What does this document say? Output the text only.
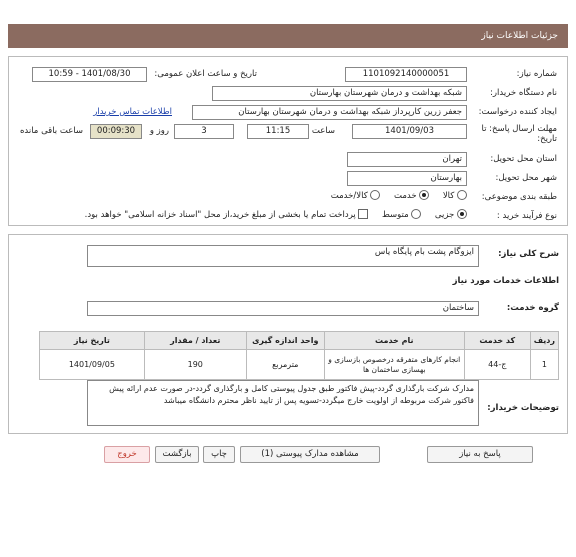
جزئیات اطلاعات نیاز
شماره نیاز:
1101092140000051
تاریخ و ساعت اعلان عمومی:
1401/08/30 - 10:59
نام دستگاه خریدار:
شبکه بهداشت و درمان شهرستان بهارستان
ایجاد کننده درخواست:
جعفر زرین کارپرداز شبکه بهداشت و درمان شهرستان بهارستان
اطلاعات تماس خریدار
مهلت ارسال پاسخ: تا تاریخ:
1401/09/03
ساعت
11:15
3
روز و
00:09:30
ساعت باقی مانده
استان محل تحویل:
تهران
شهر محل تحویل:
بهارستان
طبقه بندی موضوعی:
کالا      خدمت      کالا/خدمت
نوع فرآیند خرید :
جزیی      متوسط      پرداخت تمام یا بخشی از مبلغ خرید،از محل "اسناد خزانه اسلامی" خواهد بود.
شرح کلی نیاز:
ایزوگام پشت بام پایگاه یاس
اطلاعات خدمات مورد نیاز
گروه خدمت:
ساختمان
ردیف	کد خدمت	نام خدمت	واحد اندازه گیری	تعداد / مقدار	تاریخ نیاز
1	ج-44	انجام کارهای متفرقه درخصوص بازسازی و بهسازی ساختمان ها	مترمربع	190	1401/09/05
توضیحات خریدار:
مدارک شرکت بارگذاری گردد-پیش فاکتور طبق جدول پیوستی کامل و بارگذاری گردد-در صورت عدم ارائه پیش فاکتور شرکت مربوطه از اولویت خارج میگردد-تسویه پس از تایید ناظر محترم دانشگاه میباشد
پاسخ به نیاز
مشاهده مدارک پیوستی (1)
چاپ
بازگشت
خروج
